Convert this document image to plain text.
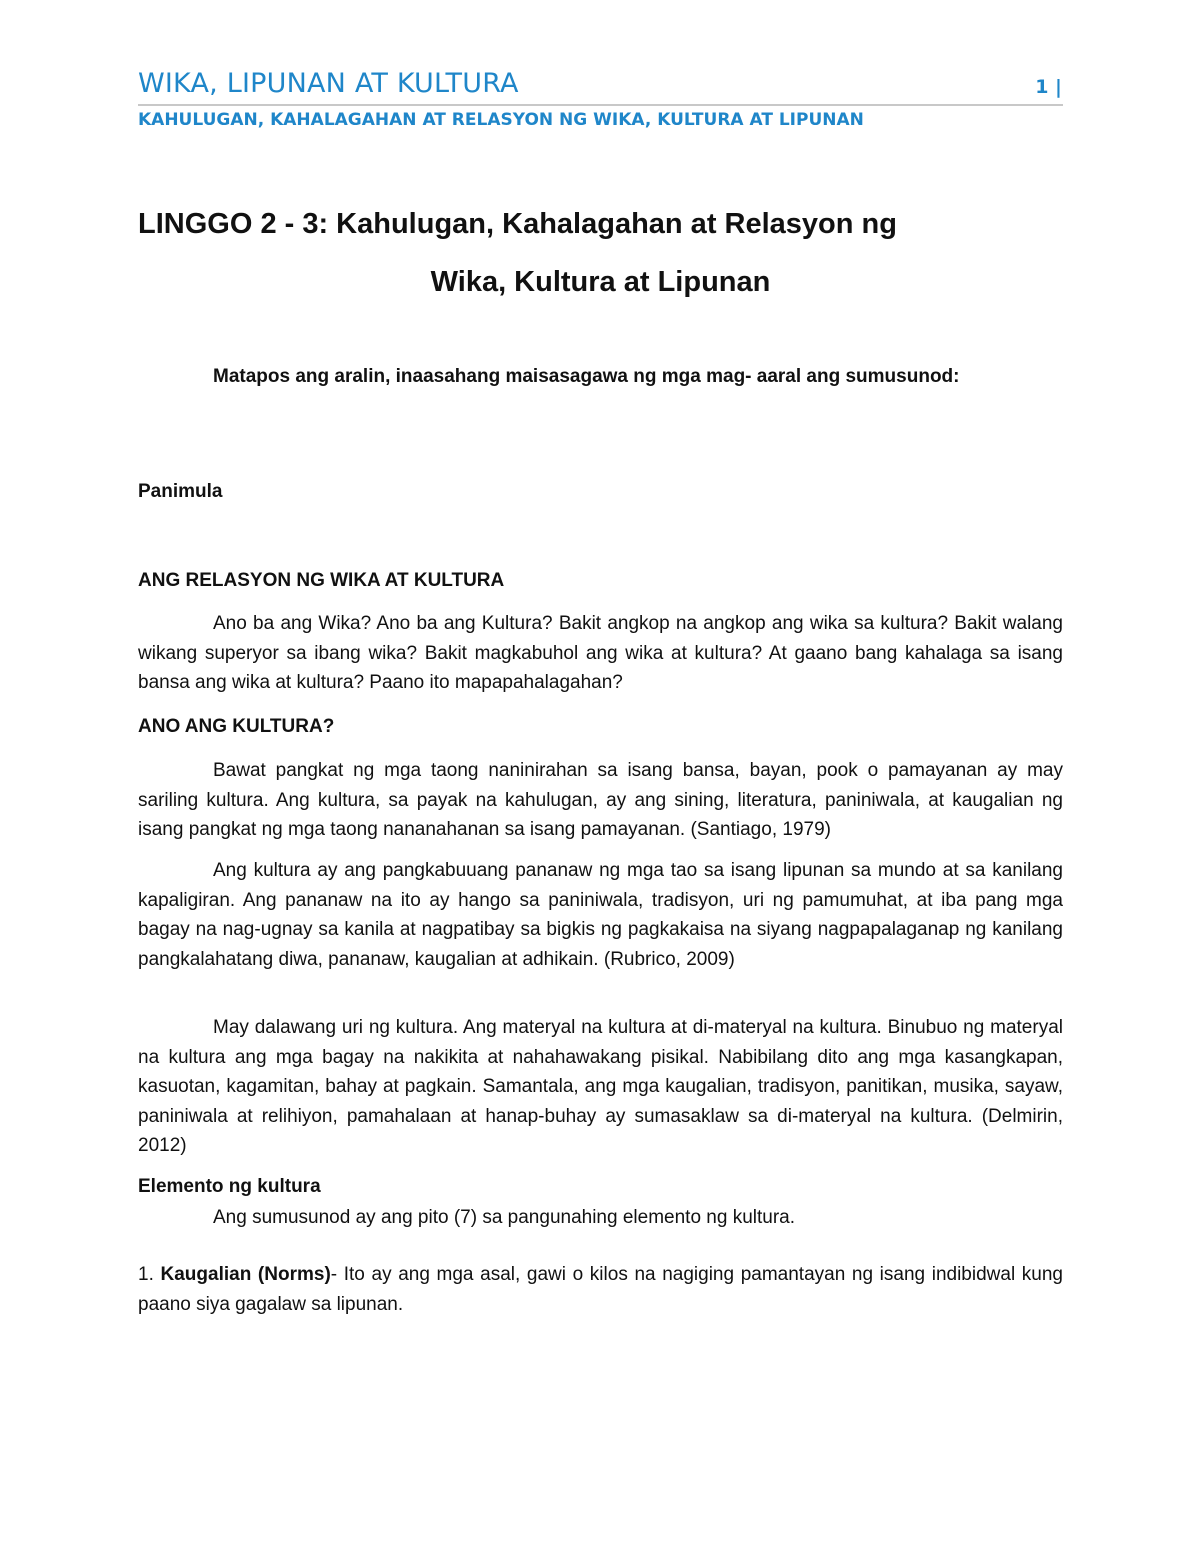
WIKA, LIPUNAN AT KULTURA	1 |
KAHULUGAN, KAHALAGAHAN AT RELASYON NG WIKA, KULTURA AT LIPUNAN
LINGGO 2 - 3: Kahulugan, Kahalagahan at Relasyon ng
Wika, Kultura at Lipunan
Matapos ang aralin, inaasahang maisasagawa ng mga mag- aaral ang sumusunod:
Panimula
ANG RELASYON NG WIKA AT KULTURA

Ano ba ang Wika? Ano ba ang Kultura? Bakit angkop na angkop ang wika sa kultura? Bakit walang wikang superyor sa ibang wika? Bakit magkabuhol ang wika at kultura? At gaano bang kahalaga sa isang bansa ang wika at kultura? Paano ito mapapahalagahan?

ANO ANG KULTURA?

Bawat pangkat ng mga taong naninirahan sa isang bansa, bayan, pook o pamayanan ay may sariling kultura. Ang kultura, sa payak na kahulugan, ay ang sining, literatura, paniniwala, at kaugalian ng isang pangkat ng mga taong nananahanan sa isang pamayanan. (Santiago, 1979)

Ang kultura ay ang pangkabuuang pananaw ng mga tao sa isang lipunan sa mundo at sa kanilang kapaligiran. Ang pananaw na ito ay hango sa paniniwala, tradisyon, uri ng pamumuhat, at iba pang mga bagay na nag-ugnay sa kanila at nagpatibay sa bigkis ng pagkakaisa na siyang nagpapalaganap ng kanilang pangkalahatang diwa, pananaw, kaugalian at adhikain. (Rubrico, 2009)

May dalawang uri ng kultura. Ang materyal na kultura at di-materyal na kultura. Binubuo ng materyal na kultura ang mga bagay na nakikita at nahahawakang pisikal. Nabibilang dito ang mga kasangkapan, kasuotan, kagamitan, bahay at pagkain. Samantala, ang mga kaugalian, tradisyon, panitikan, musika, sayaw, paniniwala at relihiyon, pamahalaan at hanap-buhay ay sumasaklaw sa di-materyal na kultura. (Delmirin, 2012)

Elemento ng kultura
Ang sumusunod ay ang pito (7) sa pangunahing elemento ng kultura.

1. Kaugalian (Norms)- Ito ay ang mga asal, gawi o kilos na nagiging pamantayan ng isang indibidwal kung paano siya gagalaw sa lipunan.
